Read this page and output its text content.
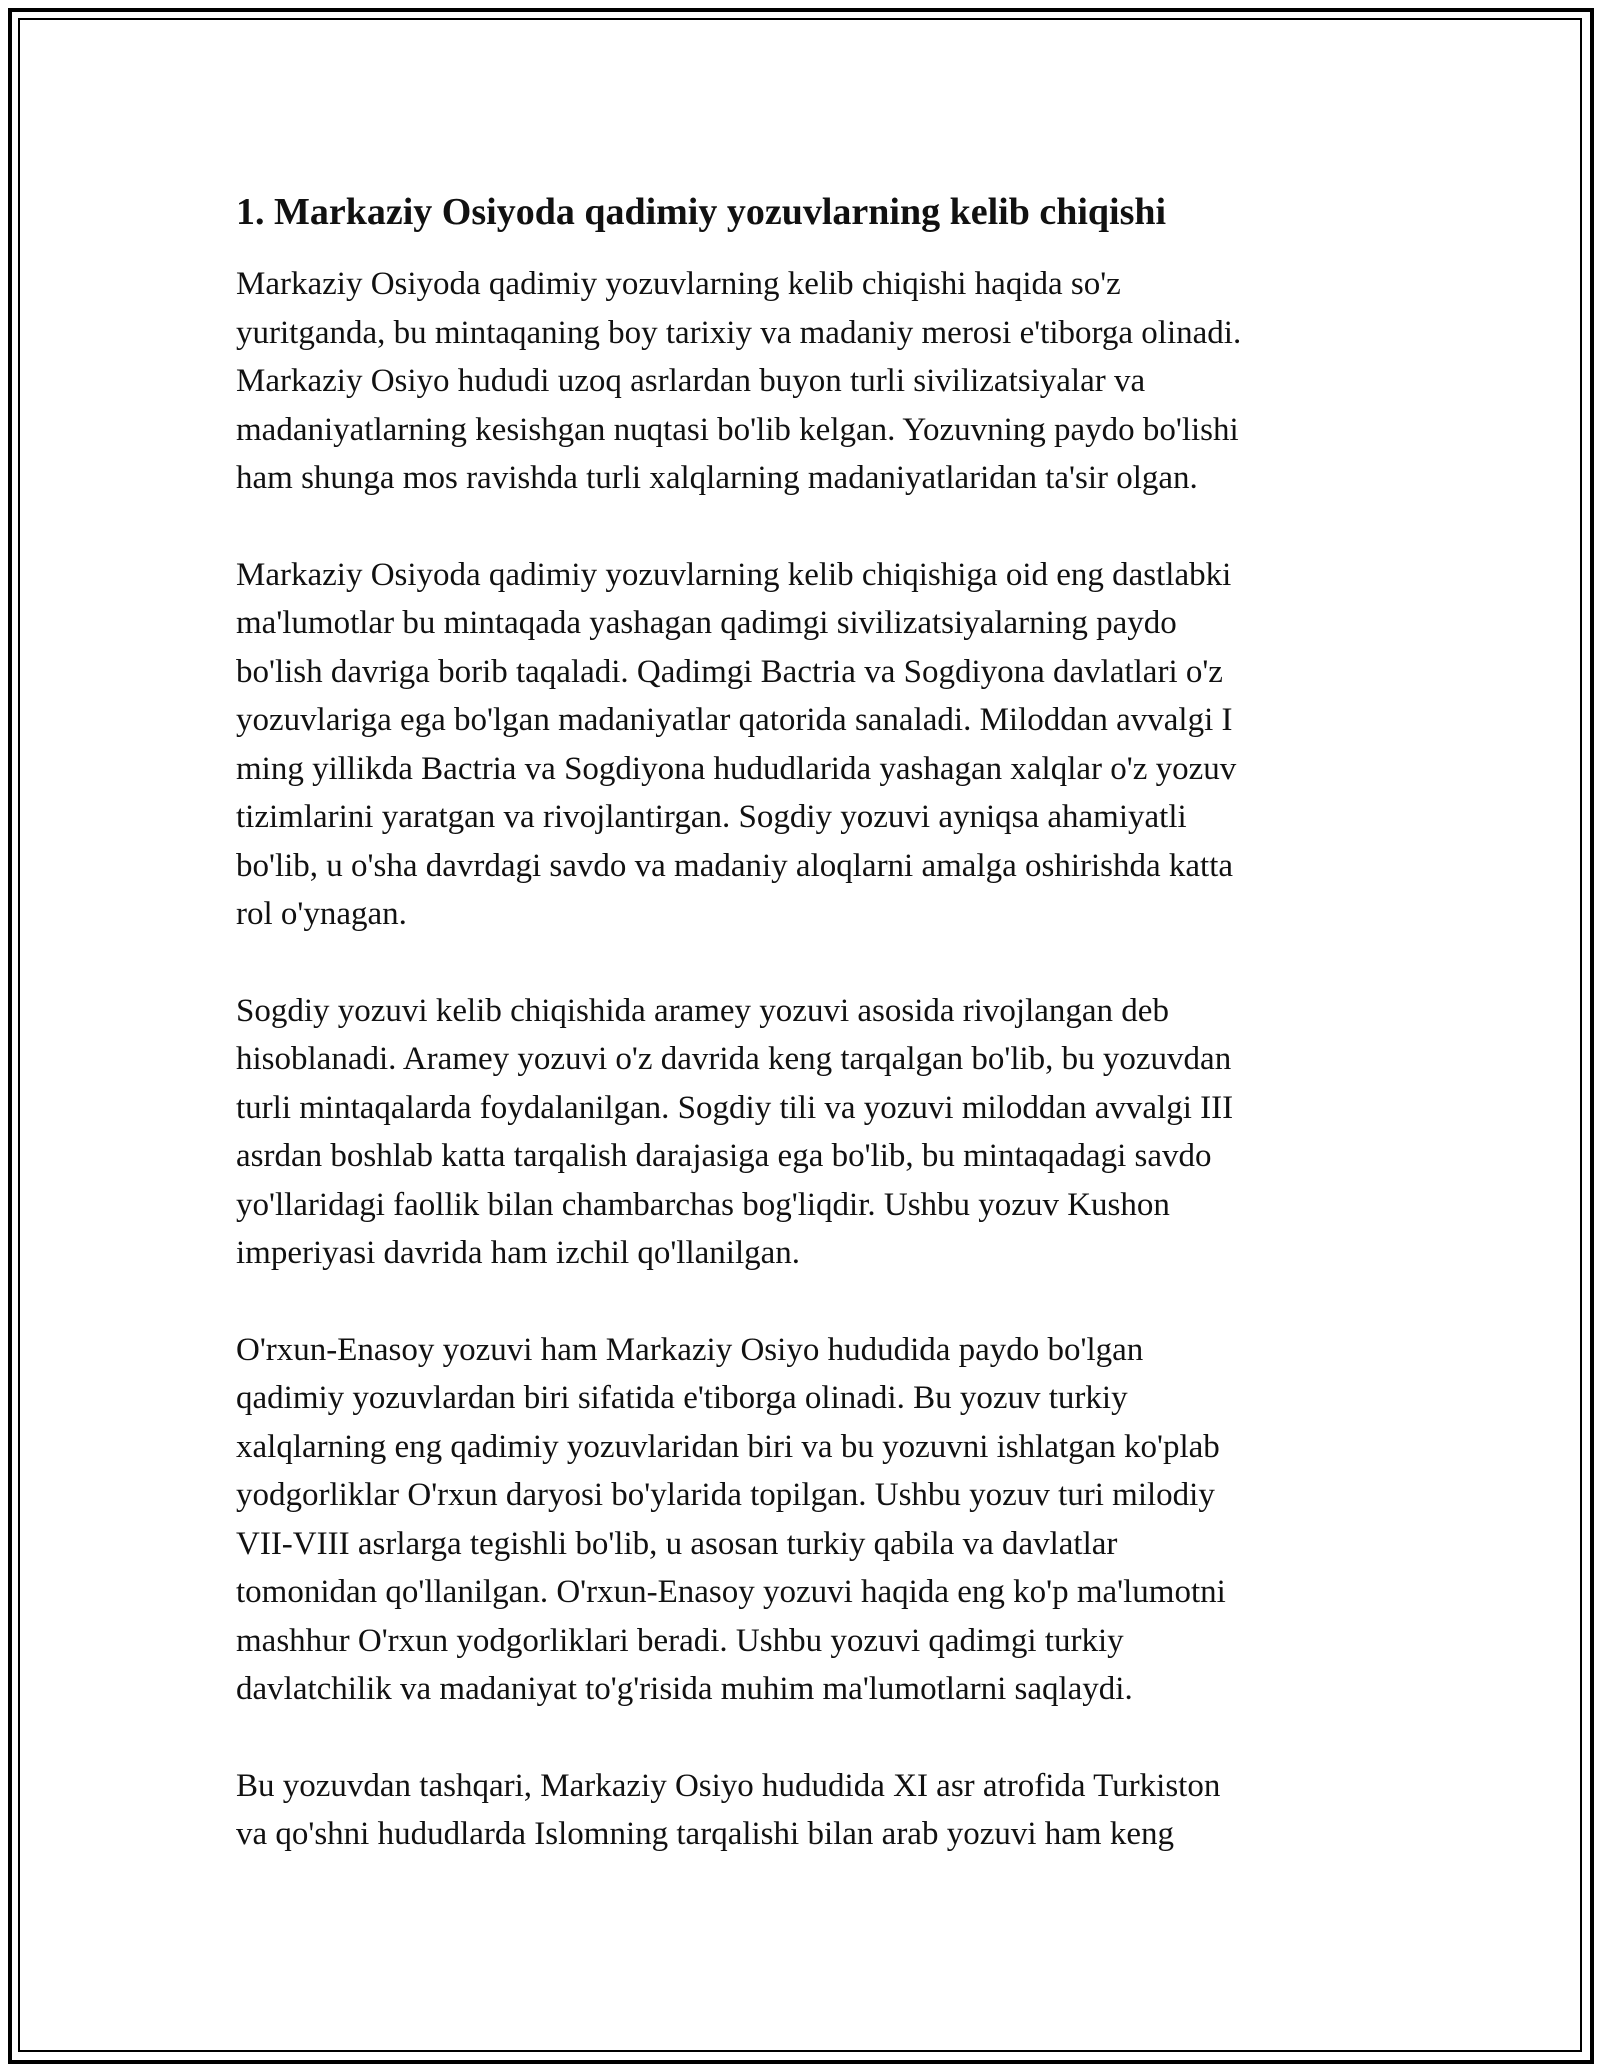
1. Markaziy Osiyoda qadimiy yozuvlarning kelib chiqishi

Markaziy Osiyoda qadimiy yozuvlarning kelib chiqishi haqida so'z
yuritganda, bu mintaqaning boy tarixiy va madaniy merosi e'tiborga olinadi.
Markaziy Osiyo hududi uzoq asrlardan buyon turli sivilizatsiyalar va
madaniyatlarning kesishgan nuqtasi bo'lib kelgan. Yozuvning paydo bo'lishi
ham shunga mos ravishda turli xalqlarning madaniyatlaridan ta'sir olgan.

Markaziy Osiyoda qadimiy yozuvlarning kelib chiqishiga oid eng dastlabki
ma'lumotlar bu mintaqada yashagan qadimgi sivilizatsiyalarning paydo
bo'lish davriga borib taqaladi. Qadimgi Bactria va Sogdiyona davlatlari o'z
yozuvlariga ega bo'lgan madaniyatlar qatorida sanaladi. Miloddan avvalgi I
ming yillikda Bactria va Sogdiyona hududlarida yashagan xalqlar o'z yozuv
tizimlarini yaratgan va rivojlantirgan. Sogdiy yozuvi ayniqsa ahamiyatli
bo'lib, u o'sha davrdagi savdo va madaniy aloqlarni amalga oshirishda katta
rol o'ynagan.

Sogdiy yozuvi kelib chiqishida aramey yozuvi asosida rivojlangan deb
hisoblanadi. Aramey yozuvi o'z davrida keng tarqalgan bo'lib, bu yozuvdan
turli mintaqalarda foydalanilgan. Sogdiy tili va yozuvi miloddan avvalgi III
asrdan boshlab katta tarqalish darajasiga ega bo'lib, bu mintaqadagi savdo
yo'llaridagi faollik bilan chambarchas bog'liqdir. Ushbu yozuv Kushon
imperiyasi davrida ham izchil qo'llanilgan.

O'rxun-Enasoy yozuvi ham Markaziy Osiyo hududida paydo bo'lgan
qadimiy yozuvlardan biri sifatida e'tiborga olinadi. Bu yozuv turkiy
xalqlarning eng qadimiy yozuvlaridan biri va bu yozuvni ishlatgan ko'plab
yodgorliklar O'rxun daryosi bo'ylarida topilgan. Ushbu yozuv turi milodiy
VII-VIII asrlarga tegishli bo'lib, u asosan turkiy qabila va davlatlar
tomonidan qo'llanilgan. O'rxun-Enasoy yozuvi haqida eng ko'p ma'lumotni
mashhur O'rxun yodgorliklari beradi. Ushbu yozuvi qadimgi turkiy
davlatchilik va madaniyat to'g'risida muhim ma'lumotlarni saqlaydi.

Bu yozuvdan tashqari, Markaziy Osiyo hududida XI asr atrofida Turkiston
va qo'shni hududlarda Islomning tarqalishi bilan arab yozuvi ham keng
